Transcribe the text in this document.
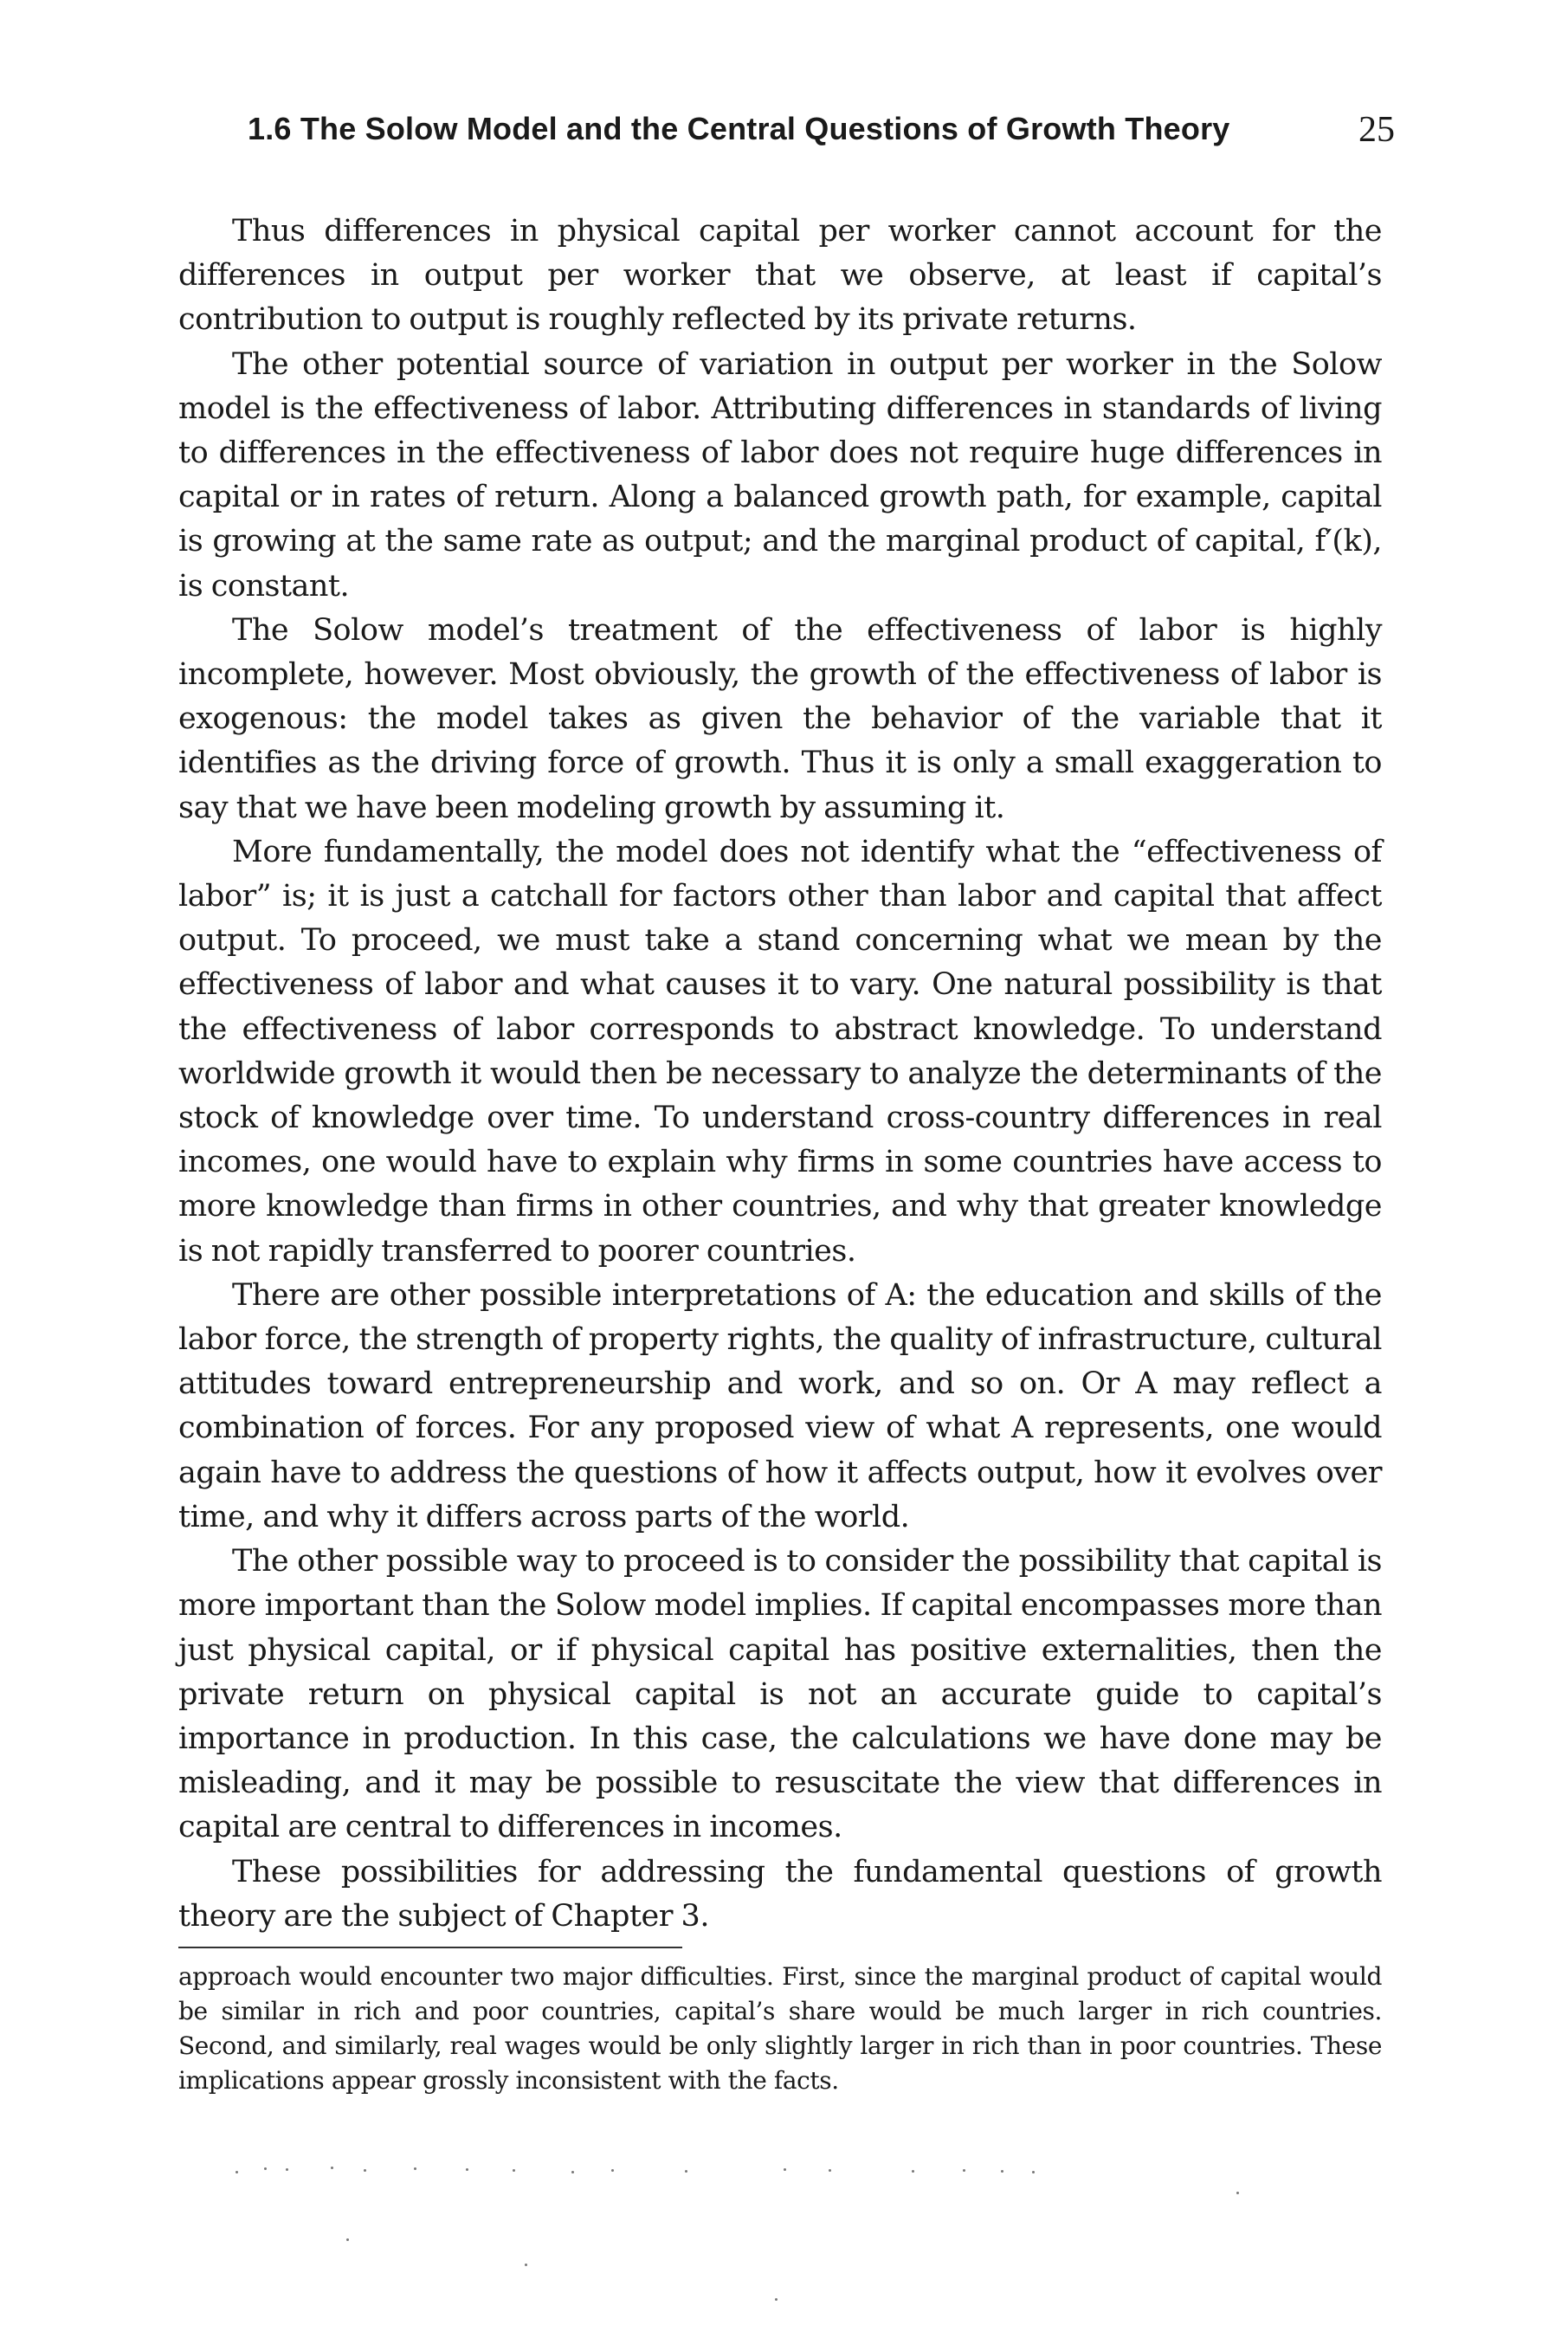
1.6 The Solow Model and the Central Questions of Growth Theory	25

Thus differences in physical capital per worker cannot account for the differences in output per worker that we observe, at least if capital’s contribution to output is roughly reflected by its private returns.

The other potential source of variation in output per worker in the Solow model is the effectiveness of labor. Attributing differences in standards of living to differences in the effectiveness of labor does not require huge differences in capital or in rates of return. Along a balanced growth path, for example, capital is growing at the same rate as output; and the marginal product of capital, f′(k), is constant.

The Solow model’s treatment of the effectiveness of labor is highly incomplete, however. Most obviously, the growth of the effectiveness of labor is exogenous: the model takes as given the behavior of the variable that it identifies as the driving force of growth. Thus it is only a small exaggeration to say that we have been modeling growth by assuming it.

More fundamentally, the model does not identify what the “effectiveness of labor” is; it is just a catchall for factors other than labor and capital that affect output. To proceed, we must take a stand concerning what we mean by the effectiveness of labor and what causes it to vary. One natural possibility is that the effectiveness of labor corresponds to abstract knowledge. To understand worldwide growth it would then be necessary to analyze the determinants of the stock of knowledge over time. To understand cross-country differences in real incomes, one would have to explain why firms in some countries have access to more knowledge than firms in other countries, and why that greater knowledge is not rapidly transferred to poorer countries.

There are other possible interpretations of A: the education and skills of the labor force, the strength of property rights, the quality of infrastructure, cultural attitudes toward entrepreneurship and work, and so on. Or A may reflect a combination of forces. For any proposed view of what A represents, one would again have to address the questions of how it affects output, how it evolves over time, and why it differs across parts of the world.

The other possible way to proceed is to consider the possibility that capital is more important than the Solow model implies. If capital encompasses more than just physical capital, or if physical capital has positive externalities, then the private return on physical capital is not an accurate guide to capital’s importance in production. In this case, the calculations we have done may be misleading, and it may be possible to resuscitate the view that differences in capital are central to differences in incomes.

These possibilities for addressing the fundamental questions of growth theory are the subject of Chapter 3.

approach would encounter two major difficulties. First, since the marginal product of capital would be similar in rich and poor countries, capital’s share would be much larger in rich countries. Second, and similarly, real wages would be only slightly larger in rich than in poor countries. These implications appear grossly inconsistent with the facts.
